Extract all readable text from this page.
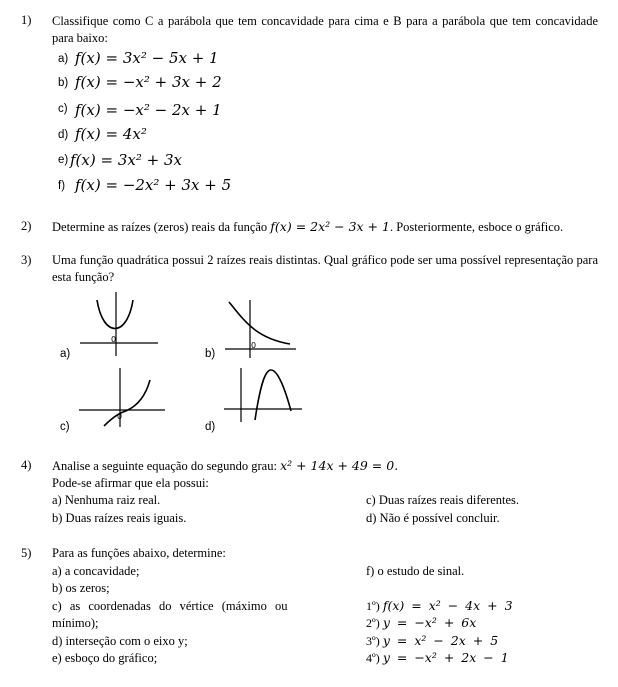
1) Classifique como C a parábola que tem concavidade para cima e B para a parábola que tem concavidade para baixo:
a) f(x) = 3x² − 5x + 1
b) f(x) = −x² + 3x + 2
c) f(x) = −x² − 2x + 1
d) f(x) = 4x²
e) f(x) = 3x² + 3x
f) f(x) = −2x² + 3x + 5
2) Determine as raízes (zeros) reais da função f(x) = 2x² − 3x + 1. Posteriormente, esboce o gráfico.
3) Uma função quadrática possui 2 raízes reais distintas. Qual gráfico pode ser uma possível representação para esta função?
a)	b)
c)	d)
0
0
0
4) Analise a seguinte equação do segundo grau: x² + 14x + 49 = 0.
Pode-se afirmar que ela possui:
a) Nenhuma raiz real.
b) Duas raízes reais iguais.
c) Duas raízes reais diferentes.
d) Não é possível concluir.
5) Para as funções abaixo, determine:
a) a concavidade;
b) os zeros;
c) as coordenadas do vértice (máximo ou
mínimo);
d) interseção com o eixo y;
e) esboço do gráfico;
f) o estudo de sinal.
1º) f(x) = x² − 4x + 3
2º) y = −x² + 6x
3º) y = x² − 2x + 5
4º) y = −x² + 2x − 1
